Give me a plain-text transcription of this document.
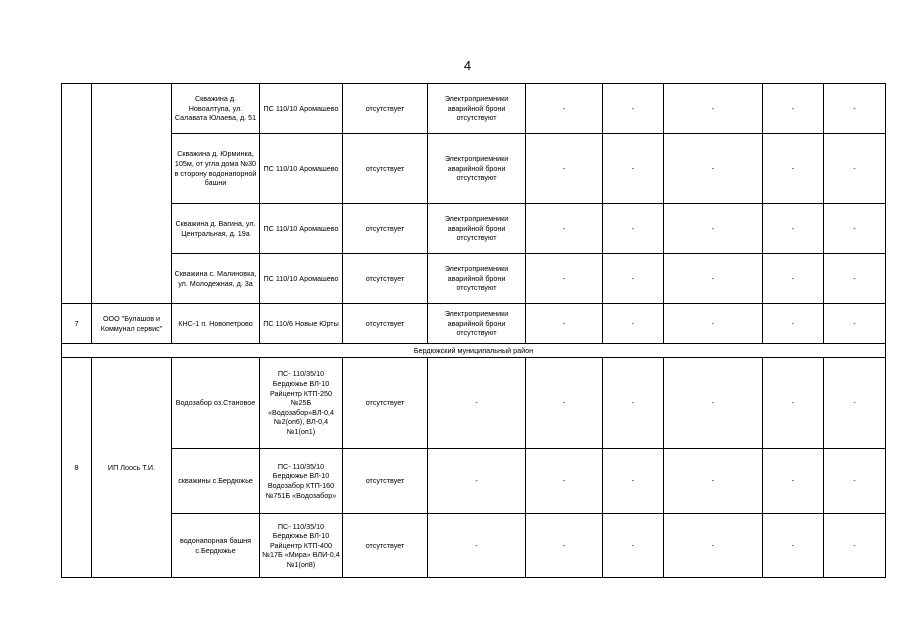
4
		Скважина д. Новоалтупа, ул. Салавата Юлаева, д. 51	ПС 110/10 Аромашево	отсутствует	Электроприемники аварийной брони отсутствуют	-	-	-	-	-
		Скважина д. Юрминка, 105м, от угла дома №30 в сторону водонапорной башни	ПС 110/10 Аромашево	отсутствует	Электроприемники аварийной брони отсутствуют	-	-	-	-	-
		Скважина д. Вагина, ул. Центральная, д. 19а	ПС 110/10 Аромашево	отсутствует	Электроприемники аварийной брони отсутствуют	-	-	-	-	-
		Скважина с. Малиновка, ул. Молодежная, д. 3а	ПС 110/10 Аромашево	отсутствует	Электроприемники аварийной брони отсутствуют	-	-	-	-	-
7	ООО "Булашов и Коммунал сервис"	КНС-1 п. Новопетрово	ПС 110/6 Новые Юрты	отсутствует	Электроприемники аварийной брони отсутствуют	-	-	-	-	-
Бердюжский муниципальный район										
8	ИП Лоось Т.И.	Водозабор оз.Становое	ПС- 110/35/10 Бердюжье ВЛ-10 Райцентр КТП-250 №25Б «Водозабор»ВЛ-0,4 №2(оп6), ВЛ-0,4 №1(оп1)	отсутствует	-	-	-	-	-	-
		скважины с.Бердюжье	ПС- 110/35/10 Бердюжье ВЛ-10 Водозабор КТП-160 №751Б «Водозабор»	отсутствует	-	-	-	-	-	-
		водонапорная башня с.Бердюжье	ПС- 110/35/10 Бердюжье ВЛ-10 Райцентр КТП-400 №17Б «Мира» ВЛИ-0,4 №1(оп8)	отсутствует	-	-	-	-	-	-
